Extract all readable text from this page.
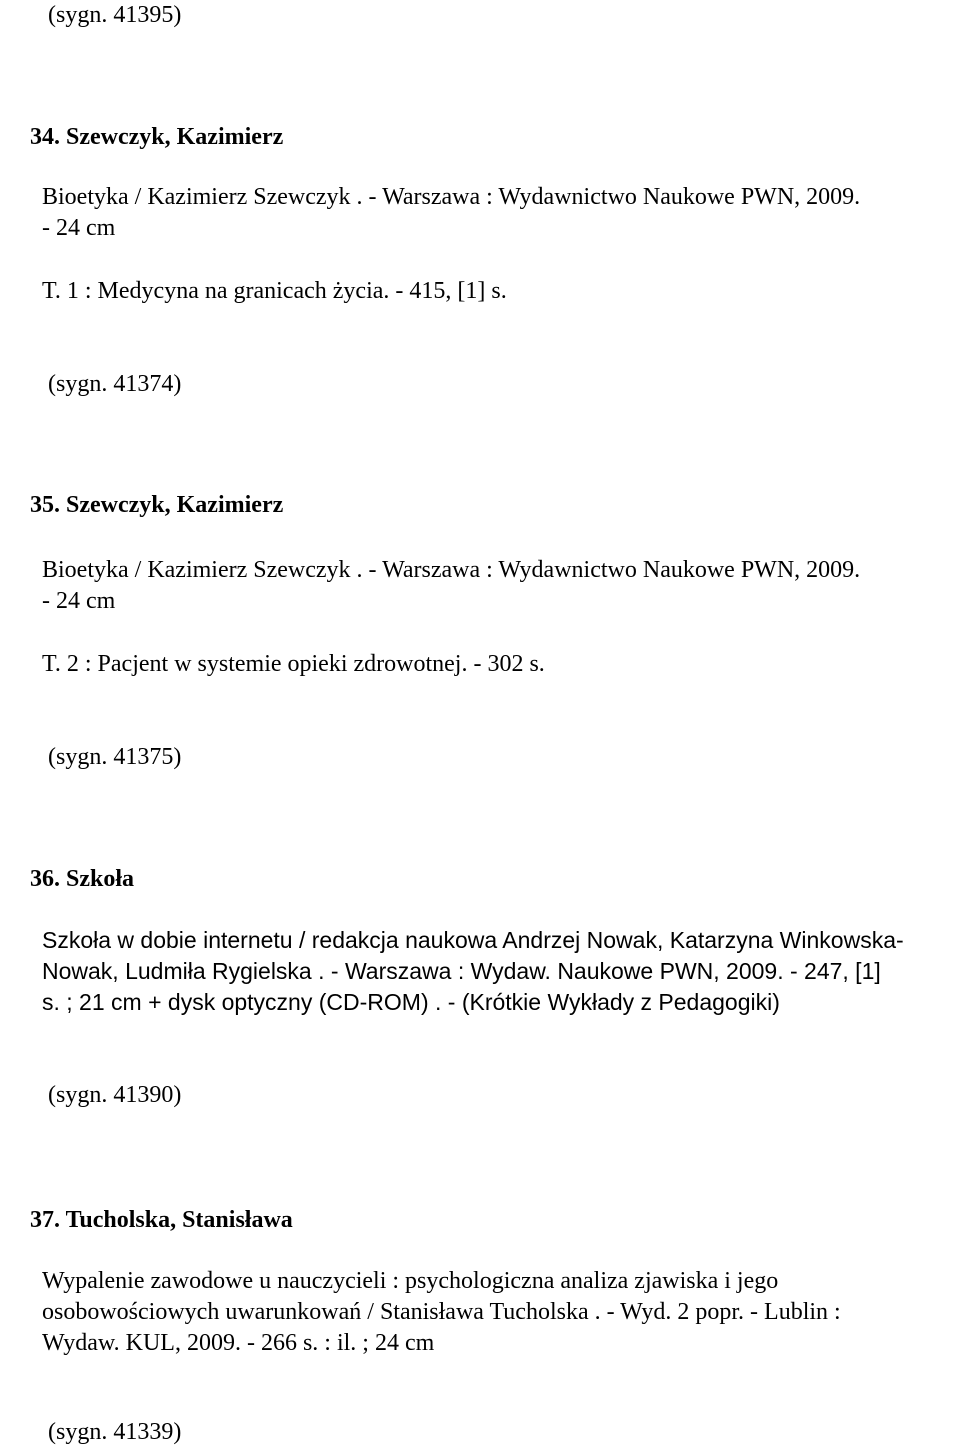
(sygn. 41395)
34. Szewczyk, Kazimierz
Bioetyka / Kazimierz Szewczyk . - Warszawa : Wydawnictwo Naukowe PWN, 2009.
- 24 cm
T. 1 : Medycyna na granicach życia. - 415, [1] s.
(sygn. 41374)
35. Szewczyk, Kazimierz
Bioetyka / Kazimierz Szewczyk . - Warszawa : Wydawnictwo Naukowe PWN, 2009.
- 24 cm
T. 2 : Pacjent w systemie opieki zdrowotnej. - 302 s.
(sygn. 41375)
36. Szkoła
Szkoła w dobie internetu / redakcja naukowa Andrzej Nowak, Katarzyna Winkowska-
Nowak, Ludmiła Rygielska . - Warszawa : Wydaw. Naukowe PWN, 2009. - 247, [1]
s. ; 21 cm + dysk optyczny (CD-ROM) . - (Krótkie Wykłady z Pedagogiki)
(sygn. 41390)
37. Tucholska, Stanisława
Wypalenie zawodowe u nauczycieli : psychologiczna analiza zjawiska i jego
osobowościowych uwarunkowań / Stanisława Tucholska . - Wyd. 2 popr. - Lublin :
Wydaw. KUL, 2009. - 266 s. : il. ; 24 cm
(sygn. 41339)
